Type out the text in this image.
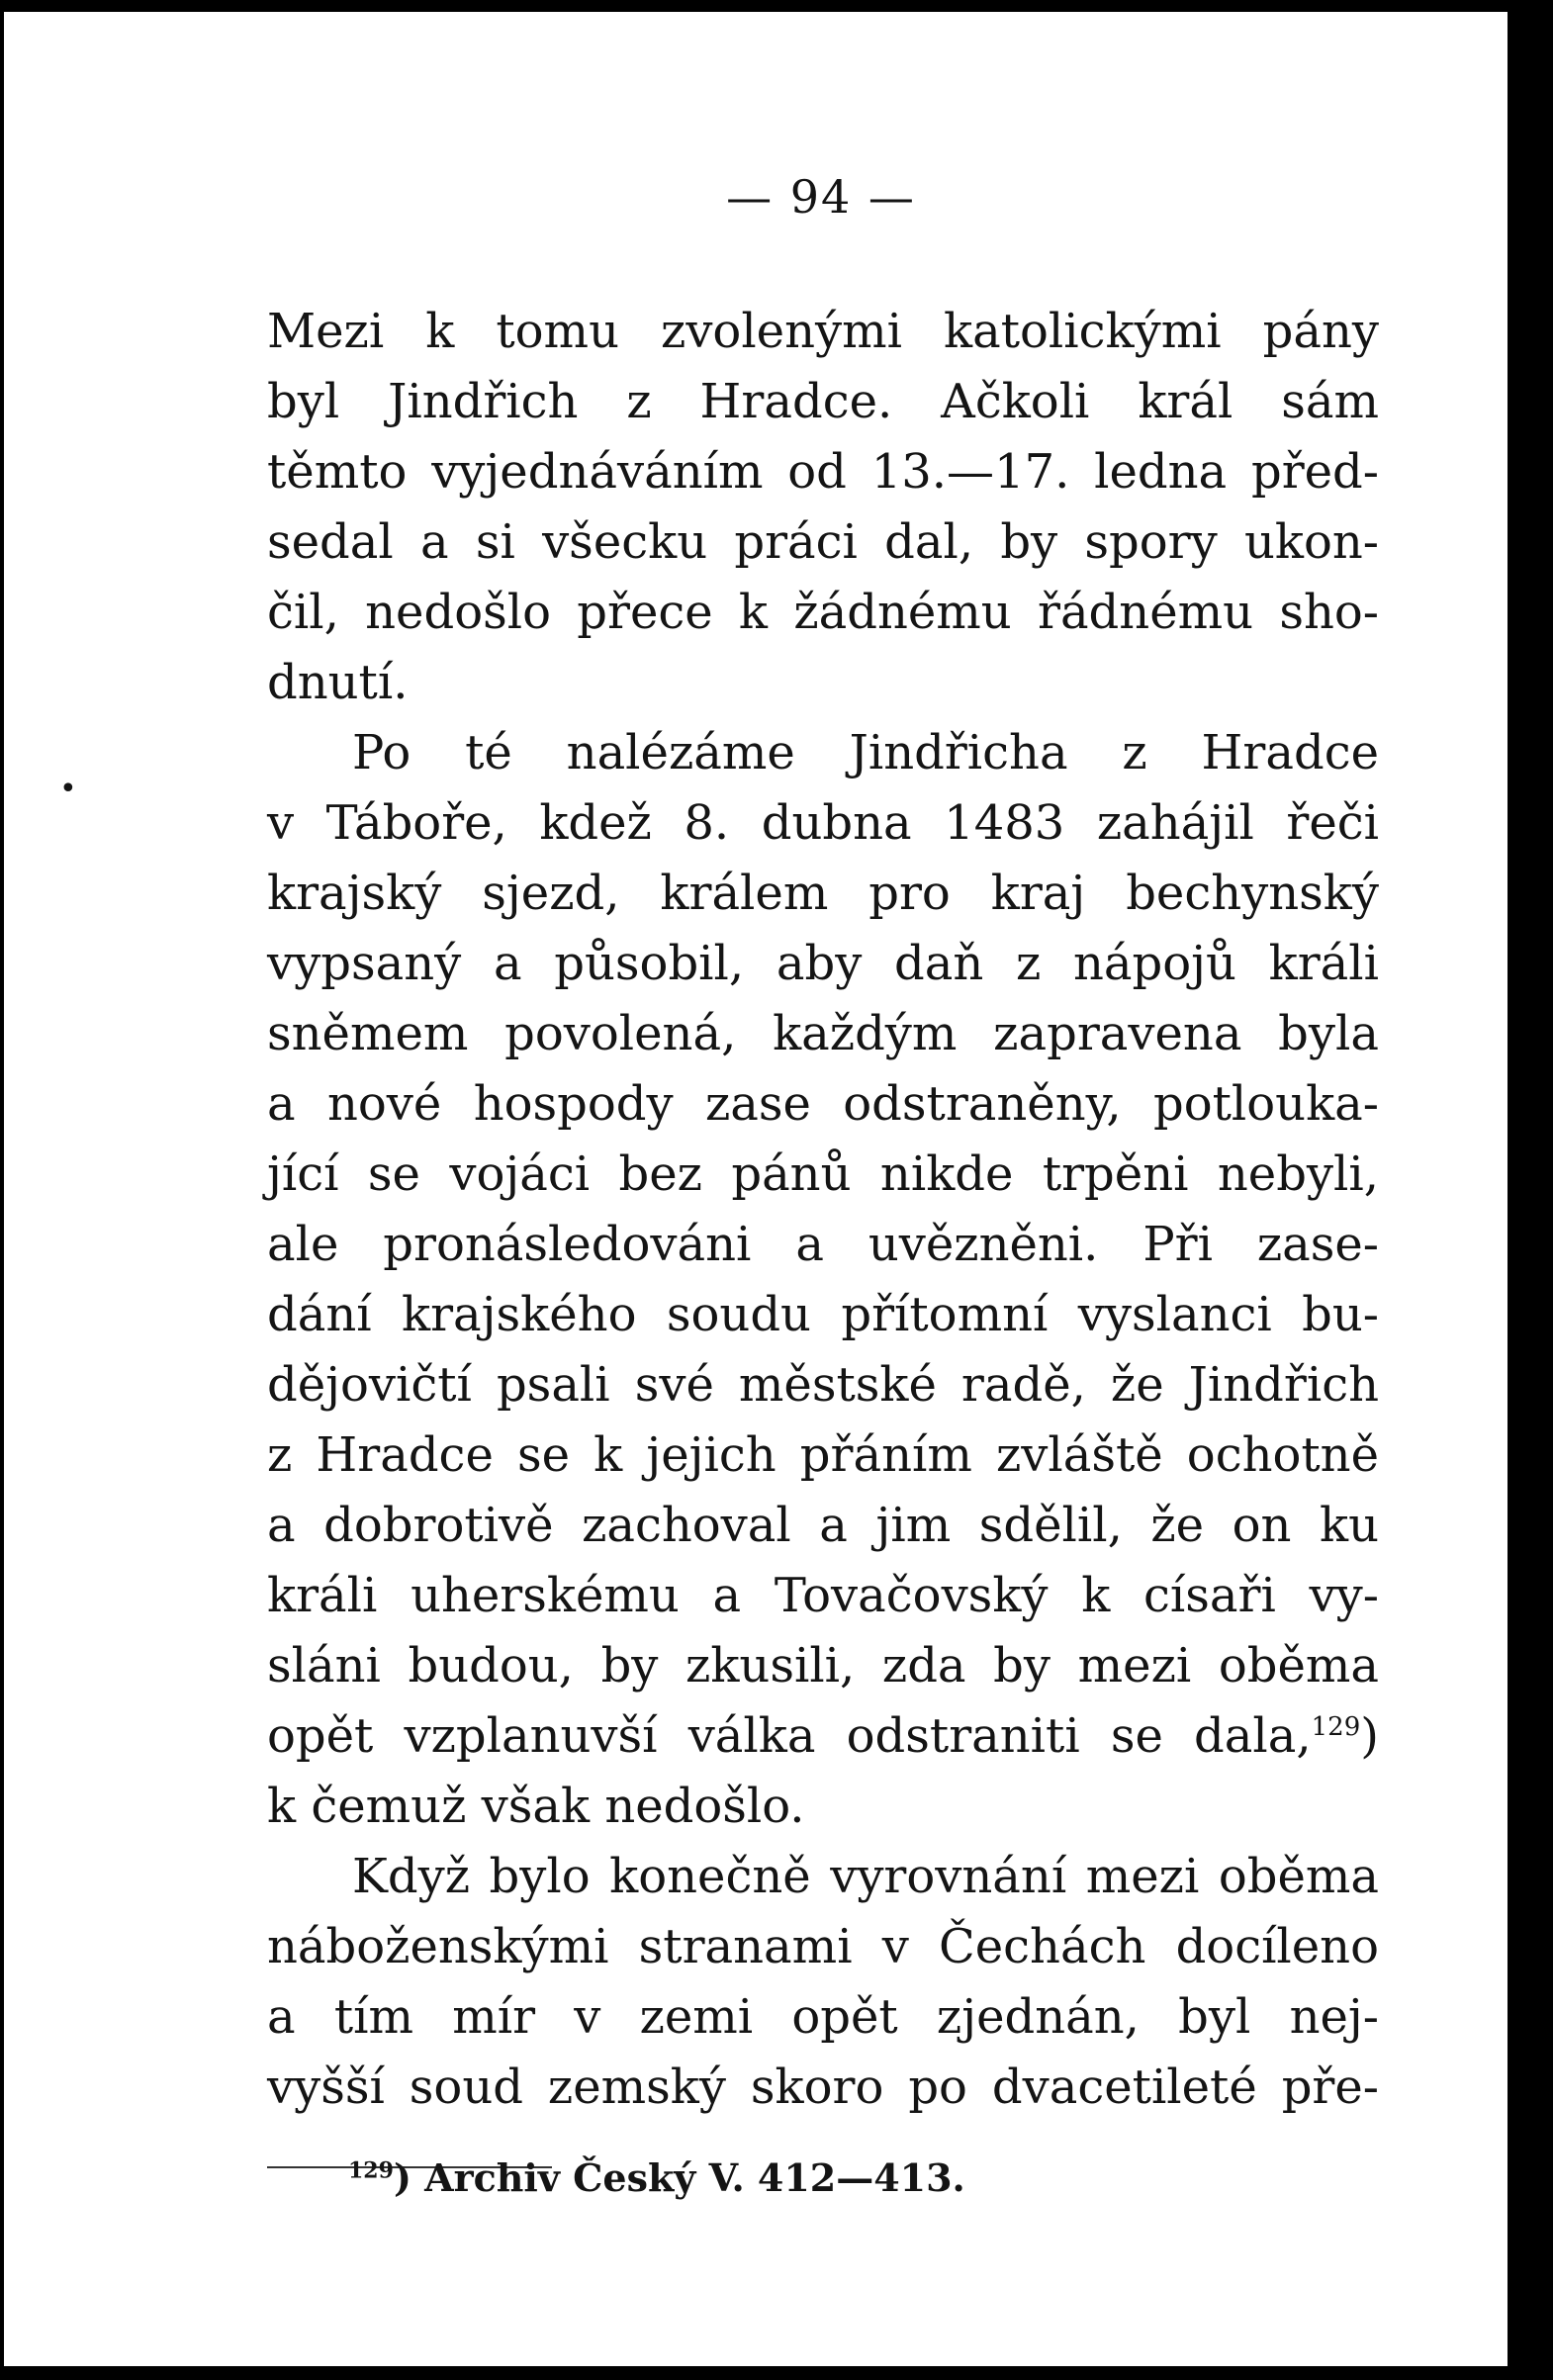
— 94 —
•
Mezi k tomu zvolenými katolickými pány
byl Jindřich z Hradce. Ačkoli král sám
těmto vyjednáváním od 13.—17. ledna před-
sedal a si všecku práci dal, by spory ukon-
čil, nedošlo přece k žádnému řádnému sho-
dnutí.
Po té nalézáme Jindřicha z Hradce
v Táboře, kdež 8. dubna 1483 zahájil řeči
krajský sjezd, králem pro kraj bechynský
vypsaný a působil, aby daň z nápojů králi
sněmem povolená, každým zapravena byla
a nové hospody zase odstraněny, potlouka-
jící se vojáci bez pánů nikde trpěni nebyli,
ale pronásledováni a uvězněni. Při zase-
dání krajského soudu přítomní vyslanci bu-
dějovičtí psali své městské radě, že Jindřich
z Hradce se k jejich přáním zvláště ochotně
a dobrotivě zachoval a jim sdělil, že on ku
králi uherskému a Tovačovský k císaři vy-
sláni budou, by zkusili, zda by mezi oběma
opět vzplanuvší válka odstraniti se dala,$^{129}$)
k čemuž však nedošlo.
Když bylo konečně vyrovnání mezi oběma
náboženskými stranami v Čechách docíleno
a tím mír v zemi opět zjednán, byl nej-
vyšší soud zemský skoro po dvacetileté pře-
$^{129}$) Archiv Český V. 412—413.
